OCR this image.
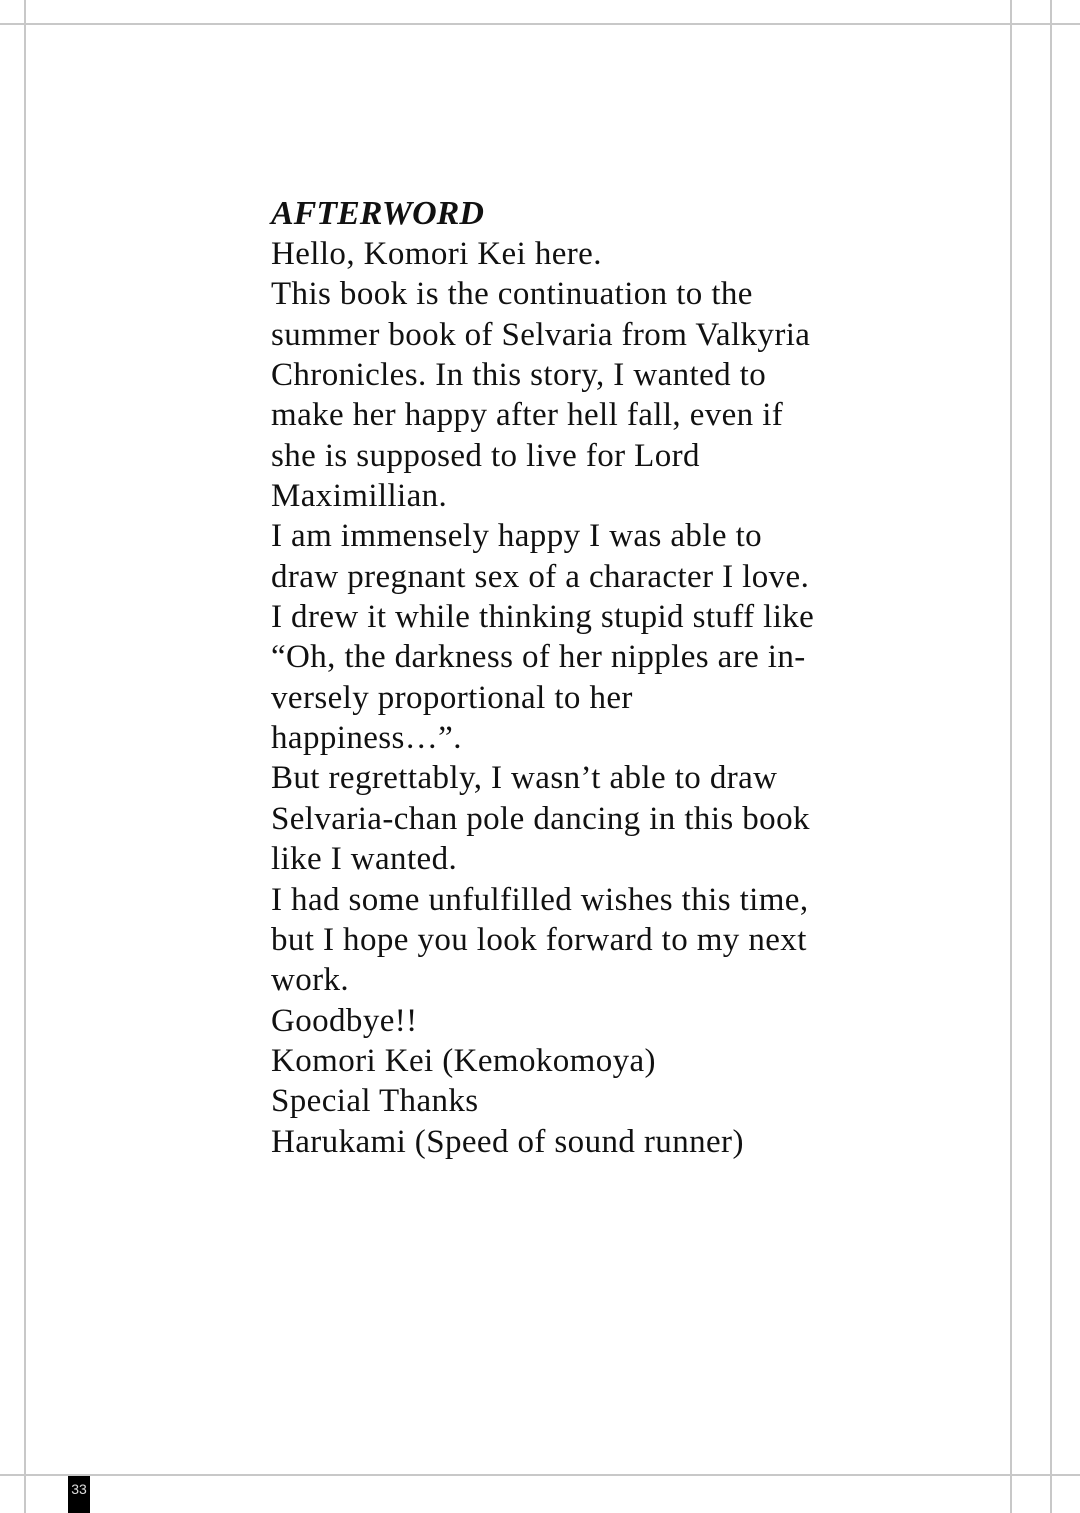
AFTERWORD
Hello, Komori Kei here.
This book is the continuation to the
summer book of Selvaria from Valkyria
Chronicles. In this story, I wanted to
make her happy after hell fall, even if
she is supposed to live for Lord
Maximillian.
I am immensely happy I was able to
draw pregnant sex of a character I love.
I drew it while thinking stupid stuff like
“Oh, the darkness of her nipples are in-
versely proportional to her
happiness…”.
But regrettably, I wasn’t able to draw
Selvaria-chan pole dancing in this book
like I wanted.
I had some unfulfilled wishes this time,
but I hope you look forward to my next
work.
Goodbye!!
Komori Kei (Kemokomoya)
Special Thanks
Harukami (Speed of sound runner)
33
